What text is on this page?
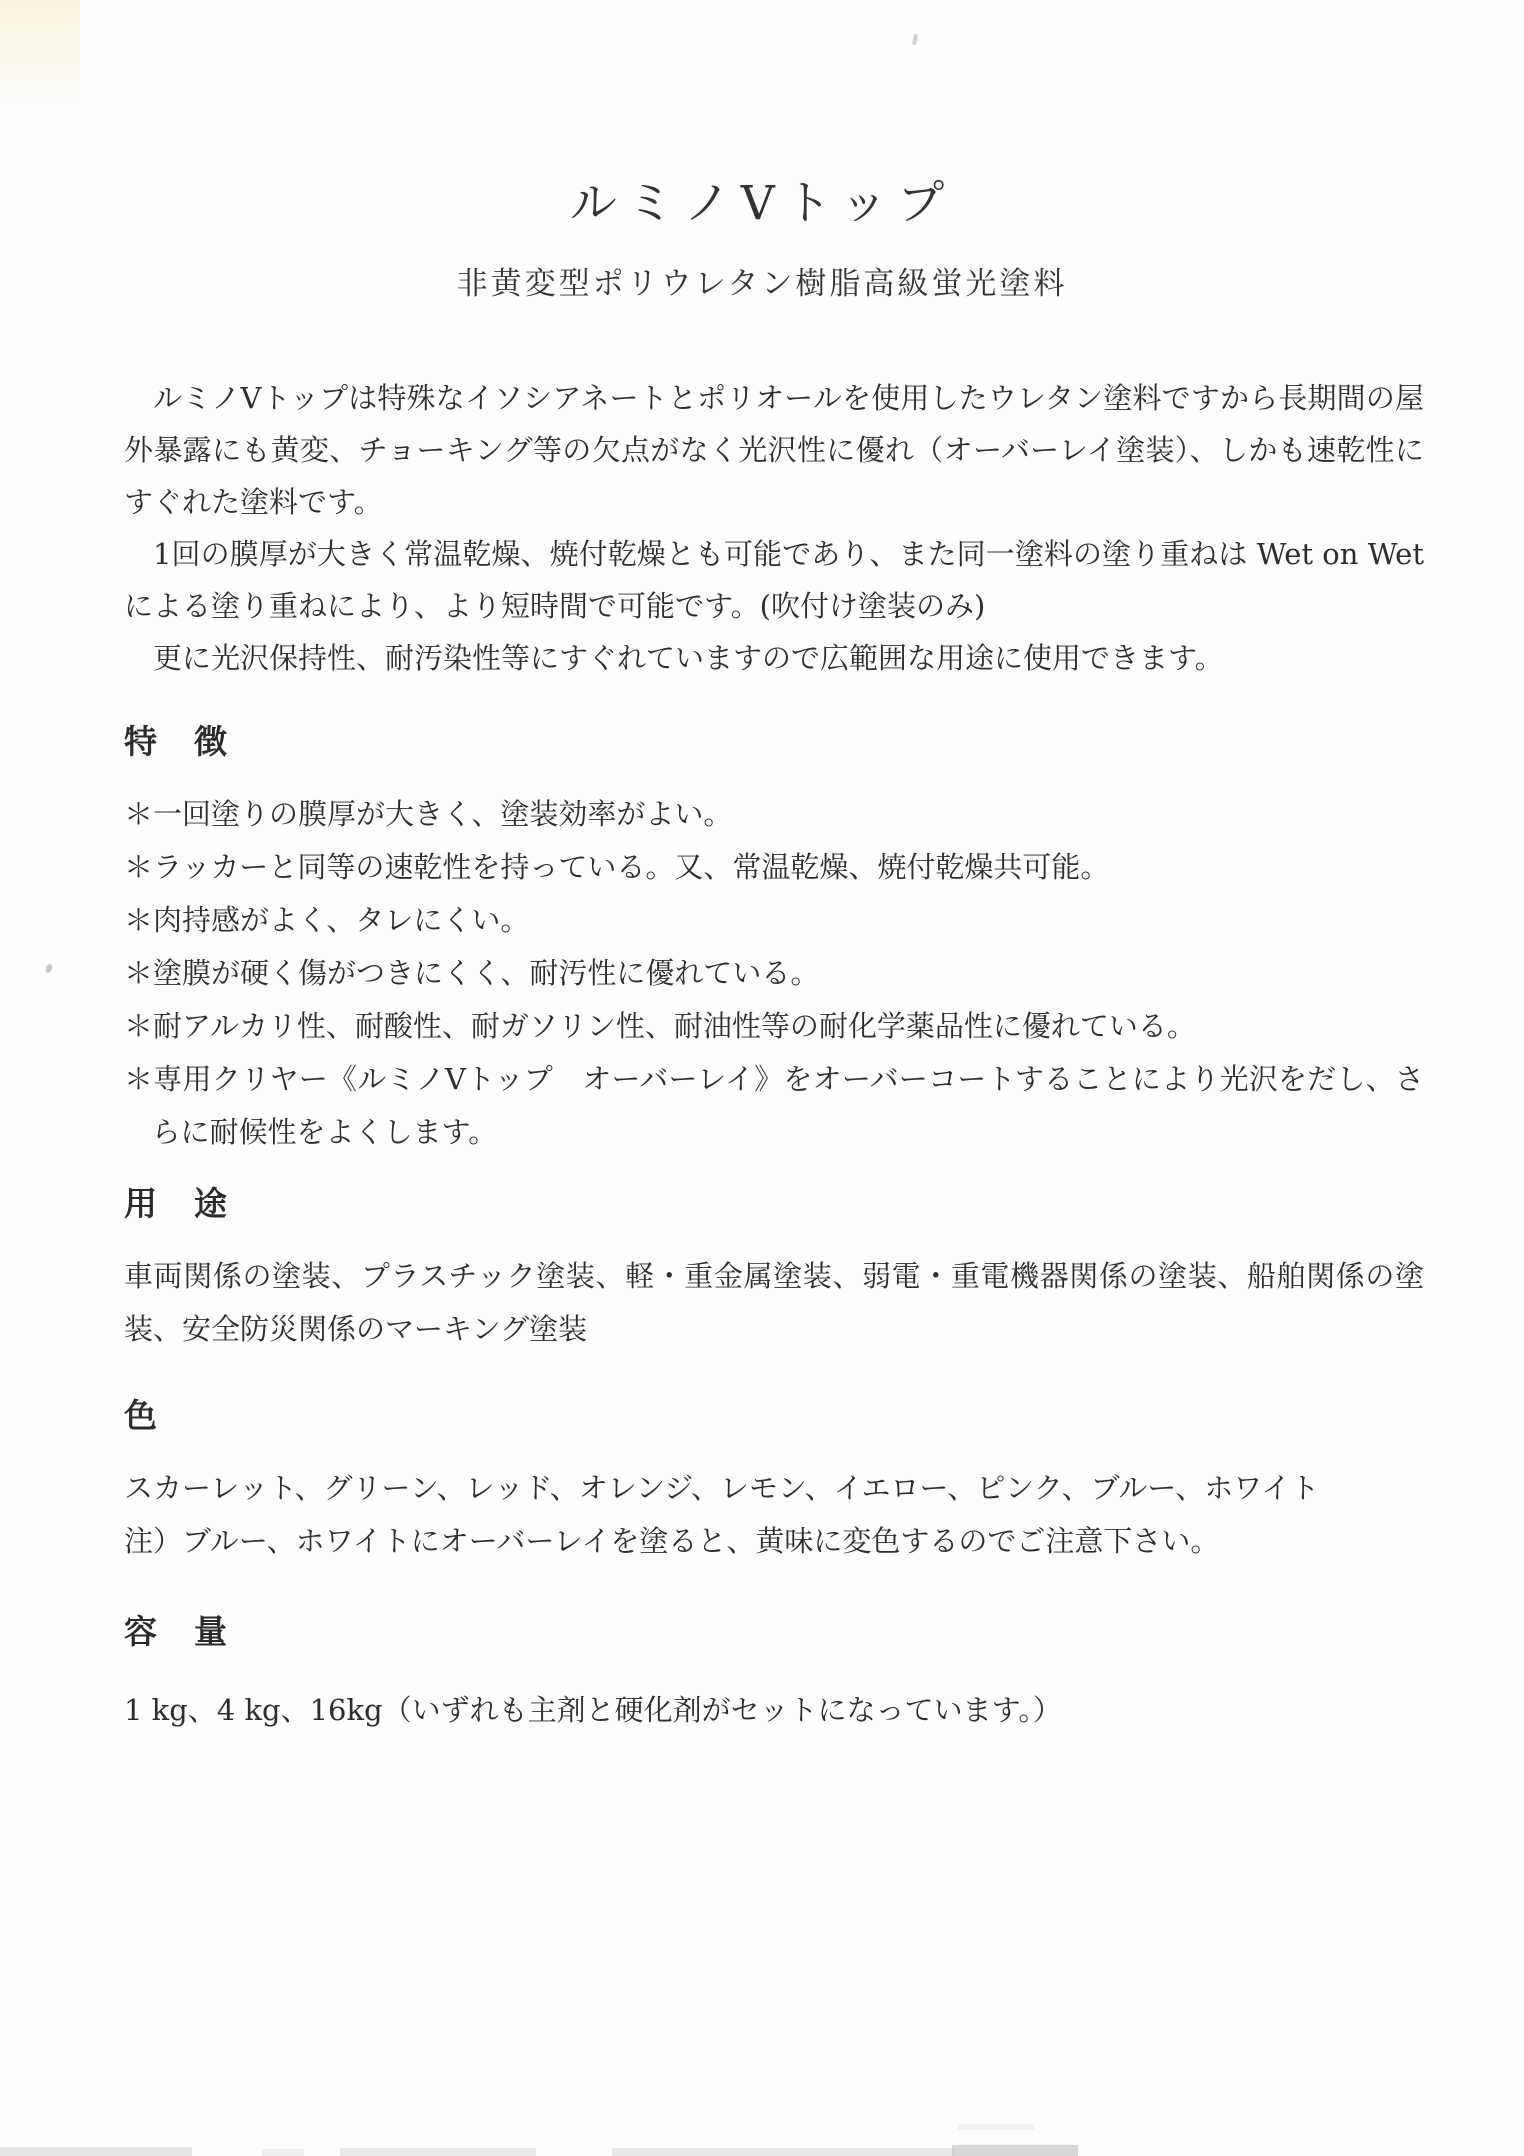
ルミノVトップ
非黄変型ポリウレタン樹脂高級蛍光塗料

ルミノVトップは特殊なイソシアネートとポリオールを使用したウレタン塗料ですから長期間の屋外暴露にも黄変、チョーキング等の欠点がなく光沢性に優れ（オーバーレイ塗装）、しかも速乾性にすぐれた塗料です。

1回の膜厚が大きく常温乾燥、焼付乾燥とも可能であり、また同一塗料の塗り重ねは Wet on Wet による塗り重ねにより、より短時間で可能です。(吹付け塗装のみ)

更に光沢保持性、耐汚染性等にすぐれていますので広範囲な用途に使用できます。

特　徴
＊一回塗りの膜厚が大きく、塗装効率がよい。
＊ラッカーと同等の速乾性を持っている。又、常温乾燥、焼付乾燥共可能。
＊肉持感がよく、タレにくい。
＊塗膜が硬く傷がつきにくく、耐汚性に優れている。
＊耐アルカリ性、耐酸性、耐ガソリン性、耐油性等の耐化学薬品性に優れている。
＊専用クリヤー《ルミノVトップ　オーバーレイ》をオーバーコートすることにより光沢をだし、さらに耐候性をよくします。
用　途

車両関係の塗装、プラスチック塗装、軽・重金属塗装、弱電・重電機器関係の塗装、船舶関係の塗装、安全防災関係のマーキング塗装

色

スカーレット、グリーン、レッド、オレンジ、レモン、イエロー、ピンク、ブルー、ホワイト

注）ブルー、ホワイトにオーバーレイを塗ると、黄味に変色するのでご注意下さい。

容　量

1 kg、4 kg、16kg（いずれも主剤と硬化剤がセットになっています。）
